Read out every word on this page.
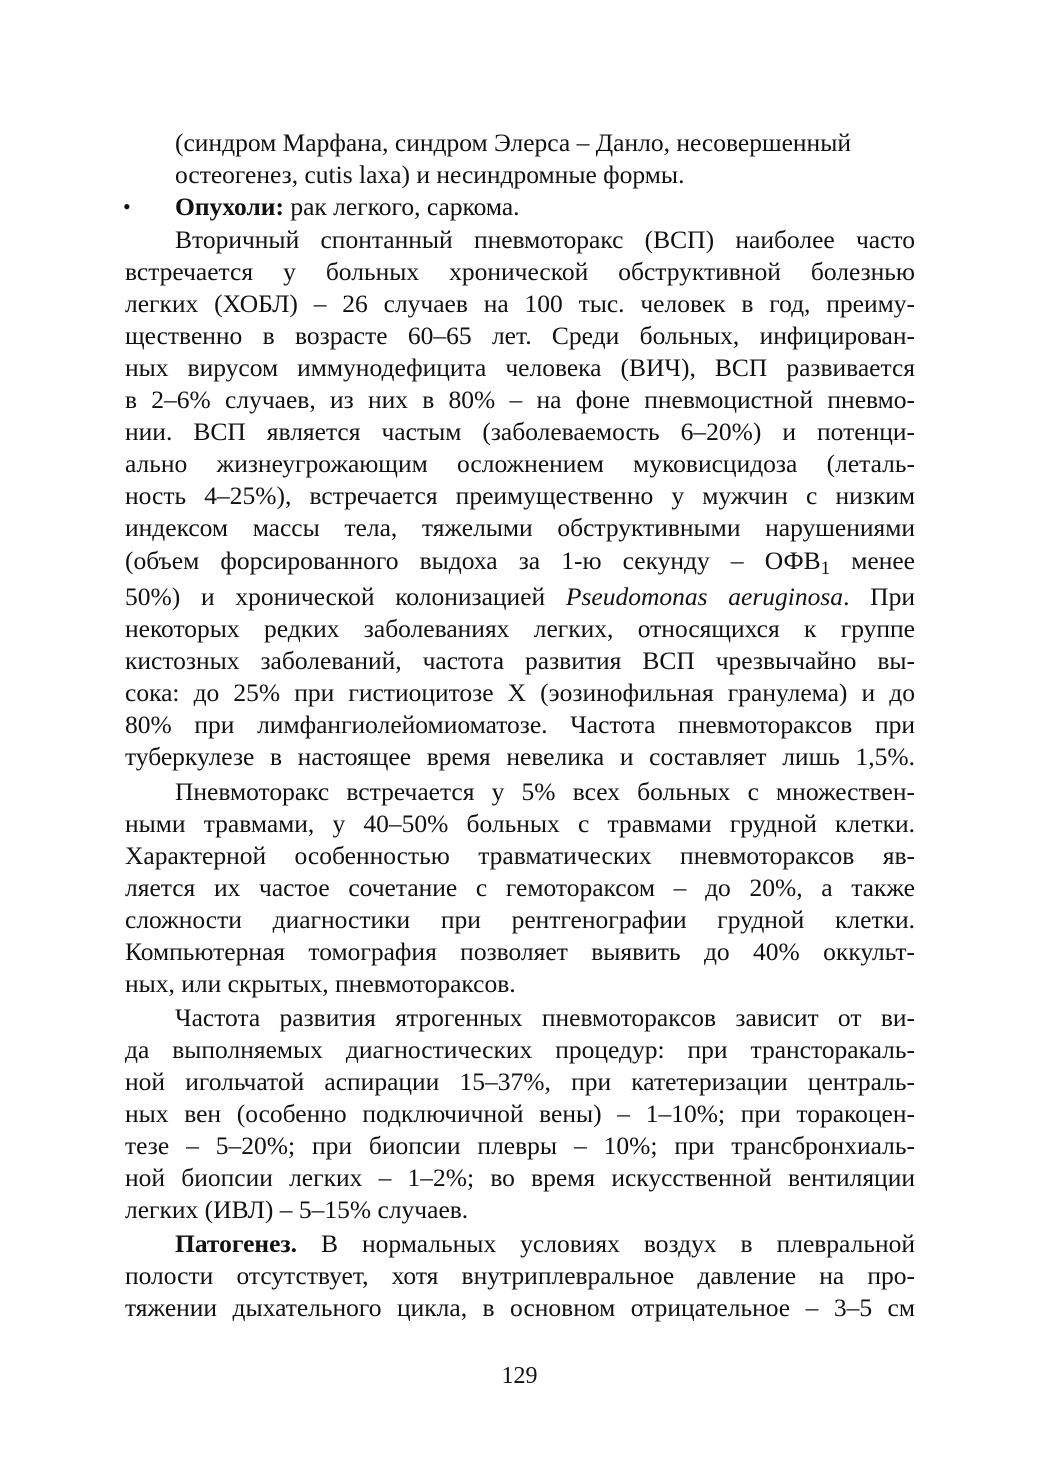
(синдром Марфана, синдром Элерса – Данло, несовершенный
остеогенез, cutis laxa) и несиндромные формы.
• Опухоли: рак легкого, саркома.
Вторичный спонтанный пневмоторакс (ВСП) наиболее часто
встречается у больных хронической обструктивной болезнью
легких (ХОБЛ) – 26 случаев на 100 тыс. человек в год, преиму-
щественно в возрасте 60–65 лет. Среди больных, инфицирован-
ных вирусом иммунодефицита человека (ВИЧ), ВСП развивается
в 2–6% случаев, из них в 80% – на фоне пневмоцистной пневмо-
нии. ВСП является частым (заболеваемость 6–20%) и потенци-
ально жизнеугрожающим осложнением муковисцидоза (леталь-
ность 4–25%), встречается преимущественно у мужчин с низким
индексом массы тела, тяжелыми обструктивными нарушениями
(объем форсированного выдоха за 1-ю секунду – ОФВ1 менее
50%) и хронической колонизацией Pseudomonas aeruginosa. При
некоторых редких заболеваниях легких, относящихся к группе
кистозных заболеваний, частота развития ВСП чрезвычайно вы-
сока: до 25% при гистиоцитозе Х (эозинофильная гранулема) и до
80% при лимфангиолейомиоматозе. Частота пневмотораксов при
туберкулезе в настоящее время невелика и составляет лишь 1,5%.
Пневмоторакс встречается у 5% всех больных с множествен-
ными травмами, у 40–50% больных с травмами грудной клетки.
Характерной особенностью травматических пневмотораксов яв-
ляется их частое сочетание с гемотораксом – до 20%, а также
сложности диагностики при рентгенографии грудной клетки.
Компьютерная томография позволяет выявить до 40% оккульт-
ных, или скрытых, пневмотораксов.
Частота развития ятрогенных пневмотораксов зависит от ви-
да выполняемых диагностических процедур: при трансторакаль-
ной игольчатой аспирации 15–37%, при катетеризации централь-
ных вен (особенно подключичной вены) – 1–10%; при торакоцен-
тезе – 5–20%; при биопсии плевры – 10%; при трансбронхиаль-
ной биопсии легких – 1–2%; во время искусственной вентиляции
легких (ИВЛ) – 5–15% случаев.
Патогенез. В нормальных условиях воздух в плевральной
полости отсутствует, хотя внутриплевральное давление на про-
тяжении дыхательного цикла, в основном отрицательное – 3–5 см
129
